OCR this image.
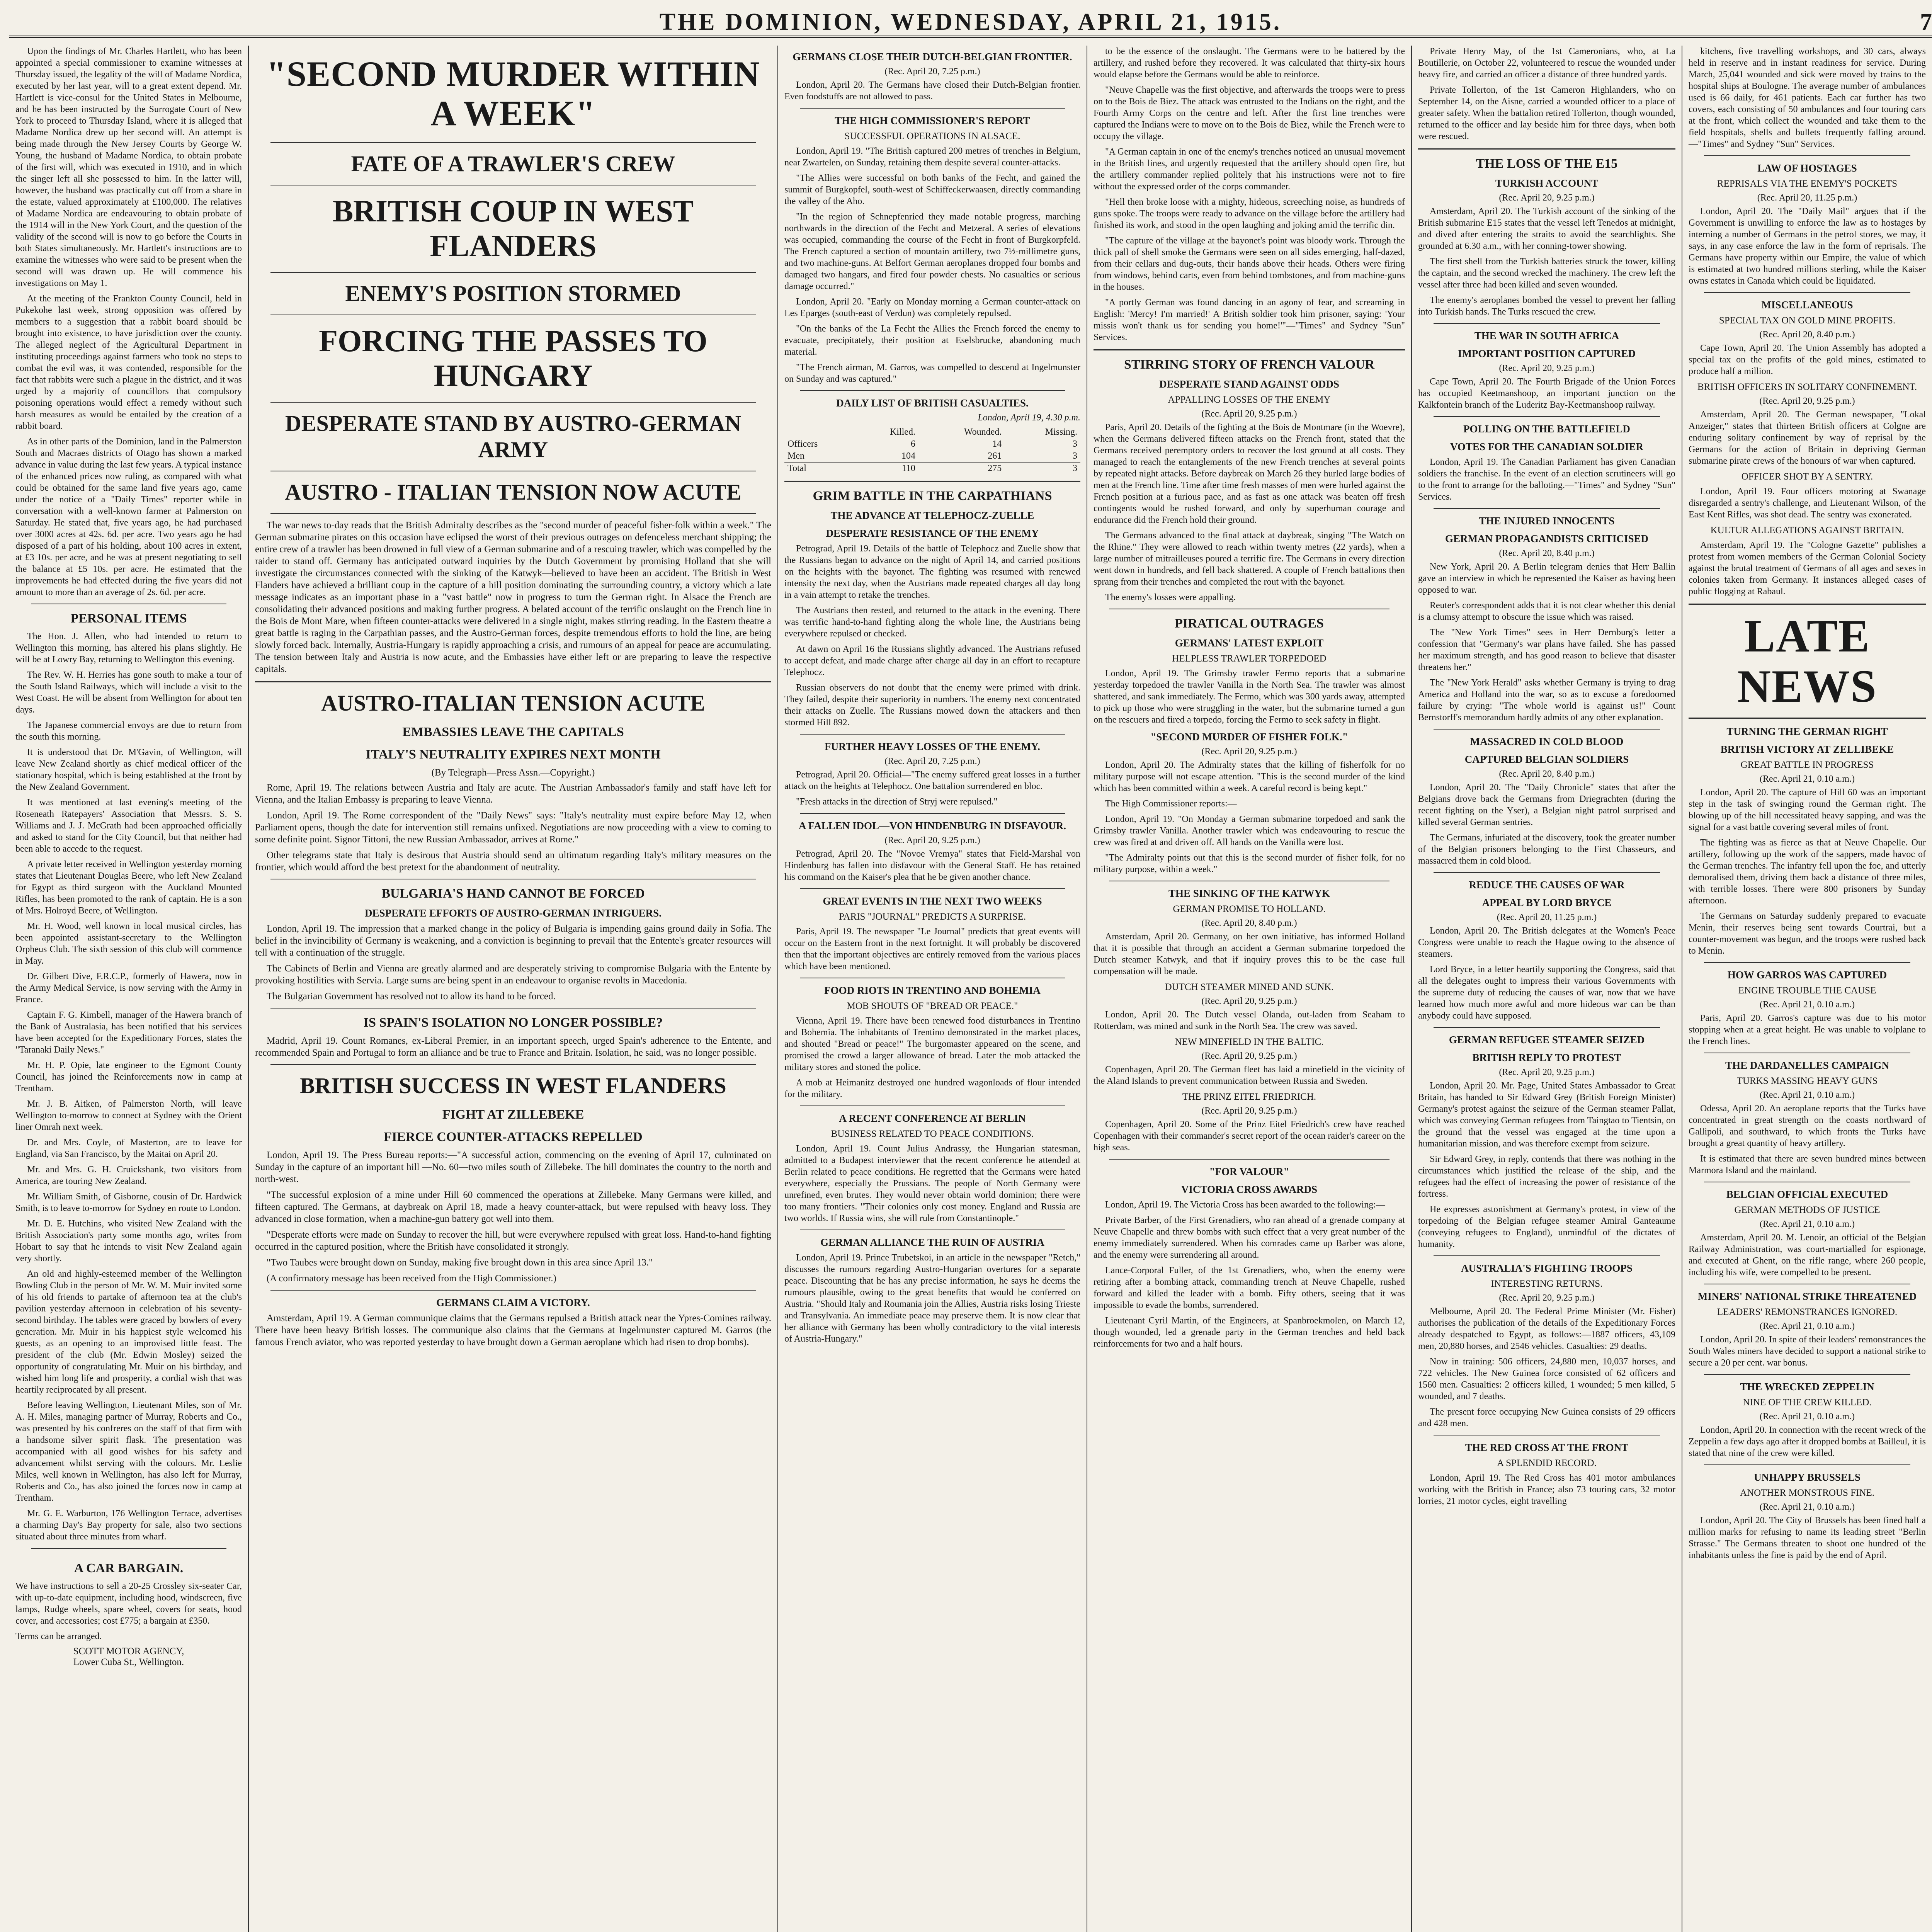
THE DOMINION, WEDNESDAY, APRIL 21, 1915.	7

Upon the findings of Mr. Charles Hartlett, who has been appointed a special commissioner to examine witnesses at Thursday issued, the legality of the will of Madame Nordica, executed by her last year, will to a great extent depend. Mr. Hartlett is vice-consul for the United States in Melbourne, and he has been instructed by the Surrogate Court of New York to proceed to Thursday Island, where it is alleged that Madame Nordica drew up her second will. An attempt is being made through the New Jersey Courts by George W. Young, the husband of Madame Nordica, to obtain probate of the first will, which was executed in 1910, and in which the singer left all she possessed to him. In the latter will, however, the husband was practically cut off from a share in the estate, valued approximately at £100,000. The relatives of Madame Nordica are endeavouring to obtain probate of the 1914 will in the New York Court, and the question of the validity of the second will is now to go before the Courts in both States simultaneously. Mr. Hartlett's instructions are to examine the witnesses who were said to be present when the second will was drawn up. He will commence his investigations on May 1.

At the meeting of the Frankton County Council, held in Pukekohe last week, strong opposition was offered by members to a suggestion that a rabbit board should be brought into existence, to have jurisdiction over the county. The alleged neglect of the Agricultural Department in instituting proceedings against farmers who took no steps to combat the evil was, it was contended, responsible for the fact that rabbits were such a plague in the district, and it was urged by a majority of councillors that compulsory poisoning operations would effect a remedy without such harsh measures as would be entailed by the creation of a rabbit board.

As in other parts of the Dominion, land in the Palmerston South and Macraes districts of Otago has shown a marked advance in value during the last few years. A typical instance of the enhanced prices now ruling, as compared with what could be obtained for the same land five years ago, came under the notice of a "Daily Times" reporter while in conversation with a well-known farmer at Palmerston on Saturday. He stated that, five years ago, he had purchased over 3000 acres at 42s. 6d. per acre. Two years ago he had disposed of a part of his holding, about 100 acres in extent, at £3 10s. per acre, and he was at present negotiating to sell the balance at £5 10s. per acre. He estimated that the improvements he had effected during the five years did not amount to more than an average of 2s. 6d. per acre.

PERSONAL ITEMS

The Hon. J. Allen, who had intended to return to Wellington this morning, has altered his plans slightly. He will be at Lowry Bay, returning to Wellington this evening.

The Rev. W. H. Herries has gone south to make a tour of the South Island Railways, which will include a visit to the West Coast. He will be absent from Wellington for about ten days.

The Japanese commercial envoys are due to return from the south this morning.

It is understood that Dr. M'Gavin, of Wellington, will leave New Zealand shortly as chief medical officer of the stationary hospital, which is being established at the front by the New Zealand Government.

It was mentioned at last evening's meeting of the Roseneath Ratepayers' Association that Messrs. S. S. Williams and J. J. McGrath had been approached officially and asked to stand for the City Council, but that neither had been able to accede to the request.

A private letter received in Wellington yesterday morning states that Lieutenant Douglas Beere, who left New Zealand for Egypt as third surgeon with the Auckland Mounted Rifles, has been promoted to the rank of captain. He is a son of Mrs. Holroyd Beere, of Wellington.

Mr. H. Wood, well known in local musical circles, has been appointed assistant-secretary to the Wellington Orpheus Club. The sixth session of this club will commence in May.

Dr. Gilbert Dive, F.R.C.P., formerly of Hawera, now in the Army Medical Service, is now serving with the Army in France.

Captain F. G. Kimbell, manager of the Hawera branch of the Bank of Australasia, has been notified that his services have been accepted for the Expeditionary Forces, states the "Taranaki Daily News."

Mr. H. P. Opie, late engineer to the Egmont County Council, has joined the Reinforcements now in camp at Trentham.

Mr. J. B. Aitken, of Palmerston North, will leave Wellington to-morrow to connect at Sydney with the Orient liner Omrah next week.

Dr. and Mrs. Coyle, of Masterton, are to leave for England, via San Francisco, by the Maitai on April 20.

Mr. and Mrs. G. H. Cruickshank, two visitors from America, are touring New Zealand.

Mr. William Smith, of Gisborne, cousin of Dr. Hardwick Smith, is to leave to-morrow for Sydney en route to London.

Mr. D. E. Hutchins, who visited New Zealand with the British Association's party some months ago, writes from Hobart to say that he intends to visit New Zealand again very shortly.

An old and highly-esteemed member of the Wellington Bowling Club in the person of Mr. W. M. Muir invited some of his old friends to partake of afternoon tea at the club's pavilion yesterday afternoon in celebration of his seventy-second birthday. The tables were graced by bowlers of every generation. Mr. Muir in his happiest style welcomed his guests, as an opening to an improvised little feast. The president of the club (Mr. Edwin Mosley) seized the opportunity of congratulating Mr. Muir on his birthday, and wished him long life and prosperity, a cordial wish that was heartily reciprocated by all present.

Before leaving Wellington, Lieutenant Miles, son of Mr. A. H. Miles, managing partner of Murray, Roberts and Co., was presented by his confreres on the staff of that firm with a handsome silver spirit flask. The presentation was accompanied with all good wishes for his safety and advancement whilst serving with the colours. Mr. Leslie Miles, well known in Wellington, has also left for Murray, Roberts and Co., has also joined the forces now in camp at Trentham.

Mr. G. E. Warburton, 176 Wellington Terrace, advertises a charming Day's Bay property for sale, also two sections situated about three minutes from wharf.

A CAR BARGAIN.

We have instructions to sell a 20-25 Crossley six-seater Car, with up-to-date equipment, including hood, windscreen, five lamps, Rudge wheels, spare wheel, covers for seats, hood cover, and accessories; cost £775; a bargain at £350.

Terms can be arranged.

SCOTT MOTOR AGENCY,
Lower Cuba St., Wellington.
"SECOND MURDER WITHIN A WEEK"
FATE OF A TRAWLER'S CREW
BRITISH COUP IN WEST FLANDERS
ENEMY'S POSITION STORMED
FORCING THE PASSES TO HUNGARY
DESPERATE STAND BY AUSTRO-GERMAN ARMY
AUSTRO - ITALIAN TENSION NOW ACUTE

The war news to-day reads that the British Admiralty describes as the "second murder of peaceful fisher-folk within a week." The German submarine pirates on this occasion have eclipsed the worst of their previous outrages on defenceless merchant shipping; the entire crew of a trawler has been drowned in full view of a German submarine and of a rescuing trawler, which was compelled by the raider to stand off. Germany has anticipated outward inquiries by the Dutch Government by promising Holland that she will investigate the circumstances connected with the sinking of the Katwyk—believed to have been an accident. The British in West Flanders have achieved a brilliant coup in the capture of a hill position dominating the surrounding country, a victory which a late message indicates as an important phase in a "vast battle" now in progress to turn the German right. In Alsace the French are consolidating their advanced positions and making further progress. A belated account of the terrific onslaught on the French line in the Bois de Mont Mare, when fifteen counter-attacks were delivered in a single night, makes stirring reading. In the Eastern theatre a great battle is raging in the Carpathian passes, and the Austro-German forces, despite tremendous efforts to hold the line, are being slowly forced back. Internally, Austria-Hungary is rapidly approaching a crisis, and rumours of an appeal for peace are accumulating. The tension between Italy and Austria is now acute, and the Embassies have either left or are preparing to leave the respective capitals.

AUSTRO-ITALIAN TENSION ACUTE
EMBASSIES LEAVE THE CAPITALS
ITALY'S NEUTRALITY EXPIRES NEXT MONTH
(By Telegraph—Press Assn.—Copyright.)

Rome, April 19. The relations between Austria and Italy are acute. The Austrian Ambassador's family and staff have left for Vienna, and the Italian Embassy is preparing to leave Vienna.

London, April 19. The Rome correspondent of the "Daily News" says: "Italy's neutrality must expire before May 12, when Parliament opens, though the date for intervention still remains unfixed. Negotiations are now proceeding with a view to coming to some definite point. Signor Tittoni, the new Russian Ambassador, arrives at Rome."

Other telegrams state that Italy is desirous that Austria should send an ultimatum regarding Italy's military measures on the frontier, which would afford the best pretext for the abandonment of neutrality.

BULGARIA'S HAND CANNOT BE FORCED
DESPERATE EFFORTS OF AUSTRO-GERMAN INTRIGUERS.

London, April 19. The impression that a marked change in the policy of Bulgaria is impending gains ground daily in Sofia. The belief in the invincibility of Germany is weakening, and a conviction is beginning to prevail that the Entente's greater resources will tell with a continuation of the struggle.

The Cabinets of Berlin and Vienna are greatly alarmed and are desperately striving to compromise Bulgaria with the Entente by provoking hostilities with Servia. Large sums are being spent in an endeavour to organise revolts in Macedonia.

The Bulgarian Government has resolved not to allow its hand to be forced.

IS SPAIN'S ISOLATION NO LONGER POSSIBLE?

Madrid, April 19. Count Romanes, ex-Liberal Premier, in an important speech, urged Spain's adherence to the Entente, and recommended Spain and Portugal to form an alliance and be true to France and Britain. Isolation, he said, was no longer possible.

BRITISH SUCCESS IN WEST FLANDERS
FIGHT AT ZILLEBEKE
FIERCE COUNTER-ATTACKS REPELLED

London, April 19. The Press Bureau reports:—"A successful action, commencing on the evening of April 17, culminated on Sunday in the capture of an important hill —No. 60—two miles south of Zillebeke. The hill dominates the country to the north and north-west.

"The successful explosion of a mine under Hill 60 commenced the operations at Zillebeke. Many Germans were killed, and fifteen captured. The Germans, at daybreak on April 18, made a heavy counter-attack, but were repulsed with heavy loss. They advanced in close formation, when a machine-gun battery got well into them.

"Desperate efforts were made on Sunday to recover the hill, but were everywhere repulsed with great loss. Hand-to-hand fighting occurred in the captured position, where the British have consolidated it strongly.

"Two Taubes were brought down on Sunday, making five brought down in this area since April 13."

(A confirmatory message has been received from the High Commissioner.)

GERMANS CLAIM A VICTORY.

Amsterdam, April 19. A German communique claims that the Germans repulsed a British attack near the Ypres-Comines railway. There have been heavy British losses. The communique also claims that the Germans at Ingelmunster captured M. Garros (the famous French aviator, who was reported yesterday to have brought down a German aeroplane which had risen to drop bombs).

GERMANS CLOSE THEIR DUTCH-BELGIAN FRONTIER.
(Rec. April 20, 7.25 p.m.)

London, April 20. The Germans have closed their Dutch-Belgian frontier. Even foodstuffs are not allowed to pass.

THE HIGH COMMISSIONER'S REPORT
SUCCESSFUL OPERATIONS IN ALSACE.

London, April 19. "The British captured 200 metres of trenches in Belgium, near Zwartelen, on Sunday, retaining them despite several counter-attacks.

"The Allies were successful on both banks of the Fecht, and gained the summit of Burgkopfel, south-west of Schiffeckerwaasen, directly commanding the valley of the Aho.

"In the region of Schnepfenried they made notable progress, marching northwards in the direction of the Fecht and Metzeral. A series of elevations was occupied, commanding the course of the Fecht in front of Burgkorpfeld. The French captured a section of mountain artillery, two 7½-millimetre guns, and two machine-guns. At Belfort German aeroplanes dropped four bombs and damaged two hangars, and fired four powder chests. No casualties or serious damage occurred."

London, April 20. "Early on Monday morning a German counter-attack on Les Eparges (south-east of Verdun) was completely repulsed.

"On the banks of the La Fecht the Allies the French forced the enemy to evacuate, precipitately, their position at Eselsbrucke, abandoning much material.

"The French airman, M. Garros, was compelled to descend at Ingelmunster on Sunday and was captured."

DAILY LIST OF BRITISH CASUALTIES.
London, April 19, 4.30 p.m.
	Killed.	Wounded.	Missing.
Officers	6	14	3
Men	104	261	3
Total	110	275	3
GRIM BATTLE IN THE CARPATHIANS
THE ADVANCE AT TELEPHOCZ-ZUELLE
DESPERATE RESISTANCE OF THE ENEMY

Petrograd, April 19. Details of the battle of Telephocz and Zuelle show that the Russians began to advance on the night of April 14, and carried positions on the heights with the bayonet. The fighting was resumed with renewed intensity the next day, when the Austrians made repeated charges all day long in a vain attempt to retake the trenches.

The Austrians then rested, and returned to the attack in the evening. There was terrific hand-to-hand fighting along the whole line, the Austrians being everywhere repulsed or checked.

At dawn on April 16 the Russians slightly advanced. The Austrians refused to accept defeat, and made charge after charge all day in an effort to recapture Telephocz.

Russian observers do not doubt that the enemy were primed with drink. They failed, despite their superiority in numbers. The enemy next concentrated their attacks on Zuelle. The Russians mowed down the attackers and then stormed Hill 892.

FURTHER HEAVY LOSSES OF THE ENEMY.
(Rec. April 20, 7.25 p.m.)

Petrograd, April 20. Official—"The enemy suffered great losses in a further attack on the heights at Telephocz. One battalion surrendered en bloc.

"Fresh attacks in the direction of Stryj were repulsed."

A FALLEN IDOL—VON HINDENBURG IN DISFAVOUR.
(Rec. April 20, 9.25 p.m.)

Petrograd, April 20. The "Novoe Vremya" states that Field-Marshal von Hindenburg has fallen into disfavour with the General Staff. He has retained his command on the Kaiser's plea that he be given another chance.

GREAT EVENTS IN THE NEXT TWO WEEKS
PARIS "JOURNAL" PREDICTS A SURPRISE.

Paris, April 19. The newspaper "Le Journal" predicts that great events will occur on the Eastern front in the next fortnight. It will probably be discovered then that the important objectives are entirely removed from the various places which have been mentioned.

FOOD RIOTS IN TRENTINO AND BOHEMIA
MOB SHOUTS OF "BREAD OR PEACE."

Vienna, April 19. There have been renewed food disturbances in Trentino and Bohemia. The inhabitants of Trentino demonstrated in the market places, and shouted "Bread or peace!" The burgomaster appeared on the scene, and promised the crowd a larger allowance of bread. Later the mob attacked the military stores and stoned the police.

A mob at Heimanitz destroyed one hundred wagonloads of flour intended for the military.

A RECENT CONFERENCE AT BERLIN
BUSINESS RELATED TO PEACE CONDITIONS.

London, April 19. Count Julius Andrassy, the Hungarian statesman, admitted to a Budapest interviewer that the recent conference he attended at Berlin related to peace conditions. He regretted that the Germans were hated everywhere, especially the Prussians. The people of North Germany were unrefined, even brutes. They would never obtain world dominion; there were too many frontiers. "Their colonies only cost money. England and Russia are two worlds. If Russia wins, she will rule from Constantinople."

GERMAN ALLIANCE THE RUIN OF AUSTRIA

London, April 19. Prince Trubetskoi, in an article in the newspaper "Retch," discusses the rumours regarding Austro-Hungarian overtures for a separate peace. Discounting that he has any precise information, he says he deems the rumours plausible, owing to the great benefits that would be conferred on Austria. "Should Italy and Roumania join the Allies, Austria risks losing Trieste and Transylvania. An immediate peace may preserve them. It is now clear that her alliance with Germany has been wholly contradictory to the vital interests of Austria-Hungary."

to be the essence of the onslaught. The Germans were to be battered by the artillery, and rushed before they recovered. It was calculated that thirty-six hours would elapse before the Germans would be able to reinforce.

"Neuve Chapelle was the first objective, and afterwards the troops were to press on to the Bois de Biez. The attack was entrusted to the Indians on the right, and the Fourth Army Corps on the centre and left. After the first line trenches were captured the Indians were to move on to the Bois de Biez, while the French were to occupy the village.

"A German captain in one of the enemy's trenches noticed an unusual movement in the British lines, and urgently requested that the artillery should open fire, but the artillery commander replied politely that his instructions were not to fire without the expressed order of the corps commander.

"Hell then broke loose with a mighty, hideous, screeching noise, as hundreds of guns spoke. The troops were ready to advance on the village before the artillery had finished its work, and stood in the open laughing and joking amid the terrific din.

"The capture of the village at the bayonet's point was bloody work. Through the thick pall of shell smoke the Germans were seen on all sides emerging, half-dazed, from their cellars and dug-outs, their hands above their heads. Others were firing from windows, behind carts, even from behind tombstones, and from machine-guns in the houses.

"A portly German was found dancing in an agony of fear, and screaming in English: 'Mercy! I'm married!' A British soldier took him prisoner, saying: 'Your missis won't thank us for sending you home!'"—"Times" and Sydney "Sun" Services.

STIRRING STORY OF FRENCH VALOUR
DESPERATE STAND AGAINST ODDS
APPALLING LOSSES OF THE ENEMY
(Rec. April 20, 9.25 p.m.)

Paris, April 20. Details of the fighting at the Bois de Montmare (in the Woevre), when the Germans delivered fifteen attacks on the French front, stated that the Germans received peremptory orders to recover the lost ground at all costs. They managed to reach the entanglements of the new French trenches at several points by repeated night attacks. Before daybreak on March 26 they hurled large bodies of men at the French line. Time after time fresh masses of men were hurled against the French position at a furious pace, and as fast as one attack was beaten off fresh contingents would be rushed forward, and only by superhuman courage and endurance did the French hold their ground.

The Germans advanced to the final attack at daybreak, singing "The Watch on the Rhine." They were allowed to reach within twenty metres (22 yards), when a large number of mitrailleuses poured a terrific fire. The Germans in every direction went down in hundreds, and fell back shattered. A couple of French battalions then sprang from their trenches and completed the rout with the bayonet.

The enemy's losses were appalling.

PIRATICAL OUTRAGES
GERMANS' LATEST EXPLOIT
HELPLESS TRAWLER TORPEDOED

London, April 19. The Grimsby trawler Fermo reports that a submarine yesterday torpedoed the trawler Vanilla in the North Sea. The trawler was almost shattered, and sank immediately. The Fermo, which was 300 yards away, attempted to pick up those who were struggling in the water, but the submarine turned a gun on the rescuers and fired a torpedo, forcing the Fermo to seek safety in flight.

"SECOND MURDER OF FISHER FOLK."
(Rec. April 20, 9.25 p.m.)

London, April 20. The Admiralty states that the killing of fisherfolk for no military purpose will not escape attention. "This is the second murder of the kind which has been committed within a week. A careful record is being kept."

The High Commissioner reports:—

London, April 19. "On Monday a German submarine torpedoed and sank the Grimsby trawler Vanilla. Another trawler which was endeavouring to rescue the crew was fired at and driven off. All hands on the Vanilla were lost.

"The Admiralty points out that this is the second murder of fisher folk, for no military purpose, within a week."

THE SINKING OF THE KATWYK
GERMAN PROMISE TO HOLLAND.
(Rec. April 20, 8.40 p.m.)

Amsterdam, April 20. Germany, on her own initiative, has informed Holland that it is possible that through an accident a German submarine torpedoed the Dutch steamer Katwyk, and that if inquiry proves this to be the case full compensation will be made.

DUTCH STEAMER MINED AND SUNK.
(Rec. April 20, 9.25 p.m.)

London, April 20. The Dutch vessel Olanda, out-laden from Seaham to Rotterdam, was mined and sunk in the North Sea. The crew was saved.

NEW MINEFIELD IN THE BALTIC.
(Rec. April 20, 9.25 p.m.)

Copenhagen, April 20. The German fleet has laid a minefield in the vicinity of the Aland Islands to prevent communication between Russia and Sweden.

THE PRINZ EITEL FRIEDRICH.
(Rec. April 20, 9.25 p.m.)

Copenhagen, April 20. Some of the Prinz Eitel Friedrich's crew have reached Copenhagen with their commander's secret report of the ocean raider's career on the high seas.

"FOR VALOUR"
VICTORIA CROSS AWARDS

London, April 19. The Victoria Cross has been awarded to the following:—

Private Barber, of the First Grenadiers, who ran ahead of a grenade company at Neuve Chapelle and threw bombs with such effect that a very great number of the enemy immediately surrendered. When his comrades came up Barber was alone, and the enemy were surrendering all around.

Lance-Corporal Fuller, of the 1st Grenadiers, who, when the enemy were retiring after a bombing attack, commanding trench at Neuve Chapelle, rushed forward and killed the leader with a bomb. Fifty others, seeing that it was impossible to evade the bombs, surrendered.

Lieutenant Cyril Martin, of the Engineers, at Spanbroekmolen, on March 12, though wounded, led a grenade party in the German trenches and held back reinforcements for two and a half hours.

Private Henry May, of the 1st Cameronians, who, at La Boutillerie, on October 22, volunteered to rescue the wounded under heavy fire, and carried an officer a distance of three hundred yards.

Private Tollerton, of the 1st Cameron Highlanders, who on September 14, on the Aisne, carried a wounded officer to a place of greater safety. When the battalion retired Tollerton, though wounded, returned to the officer and lay beside him for three days, when both were rescued.

THE LOSS OF THE E15
TURKISH ACCOUNT
(Rec. April 20, 9.25 p.m.)

Amsterdam, April 20. The Turkish account of the sinking of the British submarine E15 states that the vessel left Tenedos at midnight, and dived after entering the straits to avoid the searchlights. She grounded at 6.30 a.m., with her conning-tower showing.

The first shell from the Turkish batteries struck the tower, killing the captain, and the second wrecked the machinery. The crew left the vessel after three had been killed and seven wounded.

The enemy's aeroplanes bombed the vessel to prevent her falling into Turkish hands. The Turks rescued the crew.

THE WAR IN SOUTH AFRICA
IMPORTANT POSITION CAPTURED
(Rec. April 20, 9.25 p.m.)

Cape Town, April 20. The Fourth Brigade of the Union Forces has occupied Keetmanshoop, an important junction on the Kalkfontein branch of the Luderitz Bay-Keetmanshoop railway.

POLLING ON THE BATTLEFIELD
VOTES FOR THE CANADIAN SOLDIER

London, April 19. The Canadian Parliament has given Canadian soldiers the franchise. In the event of an election scrutineers will go to the front to arrange for the balloting.—"Times" and Sydney "Sun" Services.

THE INJURED INNOCENTS
GERMAN PROPAGANDISTS CRITICISED
(Rec. April 20, 8.40 p.m.)

New York, April 20. A Berlin telegram denies that Herr Ballin gave an interview in which he represented the Kaiser as having been opposed to war.

Reuter's correspondent adds that it is not clear whether this denial is a clumsy attempt to obscure the issue which was raised.

The "New York Times" sees in Herr Dernburg's letter a confession that "Germany's war plans have failed. She has passed her maximum strength, and has good reason to believe that disaster threatens her."

The "New York Herald" asks whether Germany is trying to drag America and Holland into the war, so as to excuse a foredoomed failure by crying: "The whole world is against us!" Count Bernstorff's memorandum hardly admits of any other explanation.

MASSACRED IN COLD BLOOD
CAPTURED BELGIAN SOLDIERS
(Rec. April 20, 8.40 p.m.)

London, April 20. The "Daily Chronicle" states that after the Belgians drove back the Germans from Driegrachten (during the recent fighting on the Yser), a Belgian night patrol surprised and killed several German sentries.

The Germans, infuriated at the discovery, took the greater number of the Belgian prisoners belonging to the First Chasseurs, and massacred them in cold blood.

REDUCE THE CAUSES OF WAR
APPEAL BY LORD BRYCE
(Rec. April 20, 11.25 p.m.)

London, April 20. The British delegates at the Women's Peace Congress were unable to reach the Hague owing to the absence of steamers.

Lord Bryce, in a letter heartily supporting the Congress, said that all the delegates ought to impress their various Governments with the supreme duty of reducing the causes of war, now that we have learned how much more awful and more hideous war can be than anybody could have supposed.

GERMAN REFUGEE STEAMER SEIZED
BRITISH REPLY TO PROTEST
(Rec. April 20, 9.25 p.m.)

London, April 20. Mr. Page, United States Ambassador to Great Britain, has handed to Sir Edward Grey (British Foreign Minister) Germany's protest against the seizure of the German steamer Pallat, which was conveying German refugees from Taingtao to Tientsin, on the ground that the vessel was engaged at the time upon a humanitarian mission, and was therefore exempt from seizure.

Sir Edward Grey, in reply, contends that there was nothing in the circumstances which justified the release of the ship, and the refugees had the effect of increasing the power of resistance of the fortress.

He expresses astonishment at Germany's protest, in view of the torpedoing of the Belgian refugee steamer Amiral Ganteaume (conveying refugees to England), unmindful of the dictates of humanity.

AUSTRALIA'S FIGHTING TROOPS
INTERESTING RETURNS.
(Rec. April 20, 9.25 p.m.)

Melbourne, April 20. The Federal Prime Minister (Mr. Fisher) authorises the publication of the details of the Expeditionary Forces already despatched to Egypt, as follows:—1887 officers, 43,109 men, 20,880 horses, and 2546 vehicles. Casualties: 29 deaths.

Now in training: 506 officers, 24,880 men, 10,037 horses, and 722 vehicles. The New Guinea force consisted of 62 officers and 1560 men. Casualties: 2 officers killed, 1 wounded; 5 men killed, 5 wounded, and 7 deaths.

The present force occupying New Guinea consists of 29 officers and 428 men.

THE RED CROSS AT THE FRONT
A SPLENDID RECORD.

London, April 19. The Red Cross has 401 motor ambulances working with the British in France; also 73 touring cars, 32 motor lorries, 21 motor cycles, eight travelling

kitchens, five travelling workshops, and 30 cars, always held in reserve and in instant readiness for service. During March, 25,041 wounded and sick were moved by trains to the hospital ships at Boulogne. The average number of ambulances used is 66 daily, for 461 patients. Each car further has two covers, each consisting of 50 ambulances and four touring cars at the front, which collect the wounded and take them to the field hospitals, shells and bullets frequently falling around.—"Times" and Sydney "Sun" Services.

LAW OF HOSTAGES
REPRISALS VIA THE ENEMY'S POCKETS
(Rec. April 20, 11.25 p.m.)

London, April 20. The "Daily Mail" argues that if the Government is unwilling to enforce the law as to hostages by interning a number of Germans in the petrol stores, we may, it says, in any case enforce the law in the form of reprisals. The Germans have property within our Empire, the value of which is estimated at two hundred millions sterling, while the Kaiser owns estates in Canada which could be liquidated.

MISCELLANEOUS
SPECIAL TAX ON GOLD MINE PROFITS.
(Rec. April 20, 8.40 p.m.)

Cape Town, April 20. The Union Assembly has adopted a special tax on the profits of the gold mines, estimated to produce half a million.

BRITISH OFFICERS IN SOLITARY CONFINEMENT.
(Rec. April 20, 9.25 p.m.)

Amsterdam, April 20. The German newspaper, "Lokal Anzeiger," states that thirteen British officers at Colgne are enduring solitary confinement by way of reprisal by the Germans for the action of Britain in depriving German submarine pirate crews of the honours of war when captured.

OFFICER SHOT BY A SENTRY.

London, April 19. Four officers motoring at Swanage disregarded a sentry's challenge, and Lieutenant Wilson, of the East Kent Rifles, was shot dead. The sentry was exonerated.

KULTUR ALLEGATIONS AGAINST BRITAIN.

Amsterdam, April 19. The "Cologne Gazette" publishes a protest from women members of the German Colonial Society against the brutal treatment of Germans of all ages and sexes in colonies taken from Germany. It instances alleged cases of public flogging at Rabaul.

LATE NEWS
TURNING THE GERMAN RIGHT
BRITISH VICTORY AT ZELLIBEKE
GREAT BATTLE IN PROGRESS
(Rec. April 21, 0.10 a.m.)

London, April 20. The capture of Hill 60 was an important step in the task of swinging round the German right. The blowing up of the hill necessitated heavy sapping, and was the signal for a vast battle covering several miles of front.

The fighting was as fierce as that at Neuve Chapelle. Our artillery, following up the work of the sappers, made havoc of the German trenches. The infantry fell upon the foe, and utterly demoralised them, driving them back a distance of three miles, with terrible losses. There were 800 prisoners by Sunday afternoon.

The Germans on Saturday suddenly prepared to evacuate Menin, their reserves being sent towards Courtrai, but a counter-movement was begun, and the troops were rushed back to Menin.

HOW GARROS WAS CAPTURED
ENGINE TROUBLE THE CAUSE
(Rec. April 21, 0.10 a.m.)

Paris, April 20. Garros's capture was due to his motor stopping when at a great height. He was unable to volplane to the French lines.

THE DARDANELLES CAMPAIGN
TURKS MASSING HEAVY GUNS
(Rec. April 21, 0.10 a.m.)

Odessa, April 20. An aeroplane reports that the Turks have concentrated in great strength on the coasts northward of Gallipoli, and southward, to which fronts the Turks have brought a great quantity of heavy artillery.

It is estimated that there are seven hundred mines between Marmora Island and the mainland.

BELGIAN OFFICIAL EXECUTED
GERMAN METHODS OF JUSTICE
(Rec. April 21, 0.10 a.m.)

Amsterdam, April 20. M. Lenoir, an official of the Belgian Railway Administration, was court-martialled for espionage, and executed at Ghent, on the rifle range, where 260 people, including his wife, were compelled to be present.

MINERS' NATIONAL STRIKE THREATENED
LEADERS' REMONSTRANCES IGNORED.
(Rec. April 21, 0.10 a.m.)

London, April 20. In spite of their leaders' remonstrances the South Wales miners have decided to support a national strike to secure a 20 per cent. war bonus.

THE WRECKED ZEPPELIN
NINE OF THE CREW KILLED.
(Rec. April 21, 0.10 a.m.)

London, April 20. In connection with the recent wreck of the Zeppelin a few days ago after it dropped bombs at Bailleul, it is stated that nine of the crew were killed.

UNHAPPY BRUSSELS
ANOTHER MONSTROUS FINE.
(Rec. April 21, 0.10 a.m.)

London, April 20. The City of Brussels has been fined half a million marks for refusing to name its leading street "Berlin Strasse." The Germans threaten to shoot one hundred of the inhabitants unless the fine is paid by the end of April.
